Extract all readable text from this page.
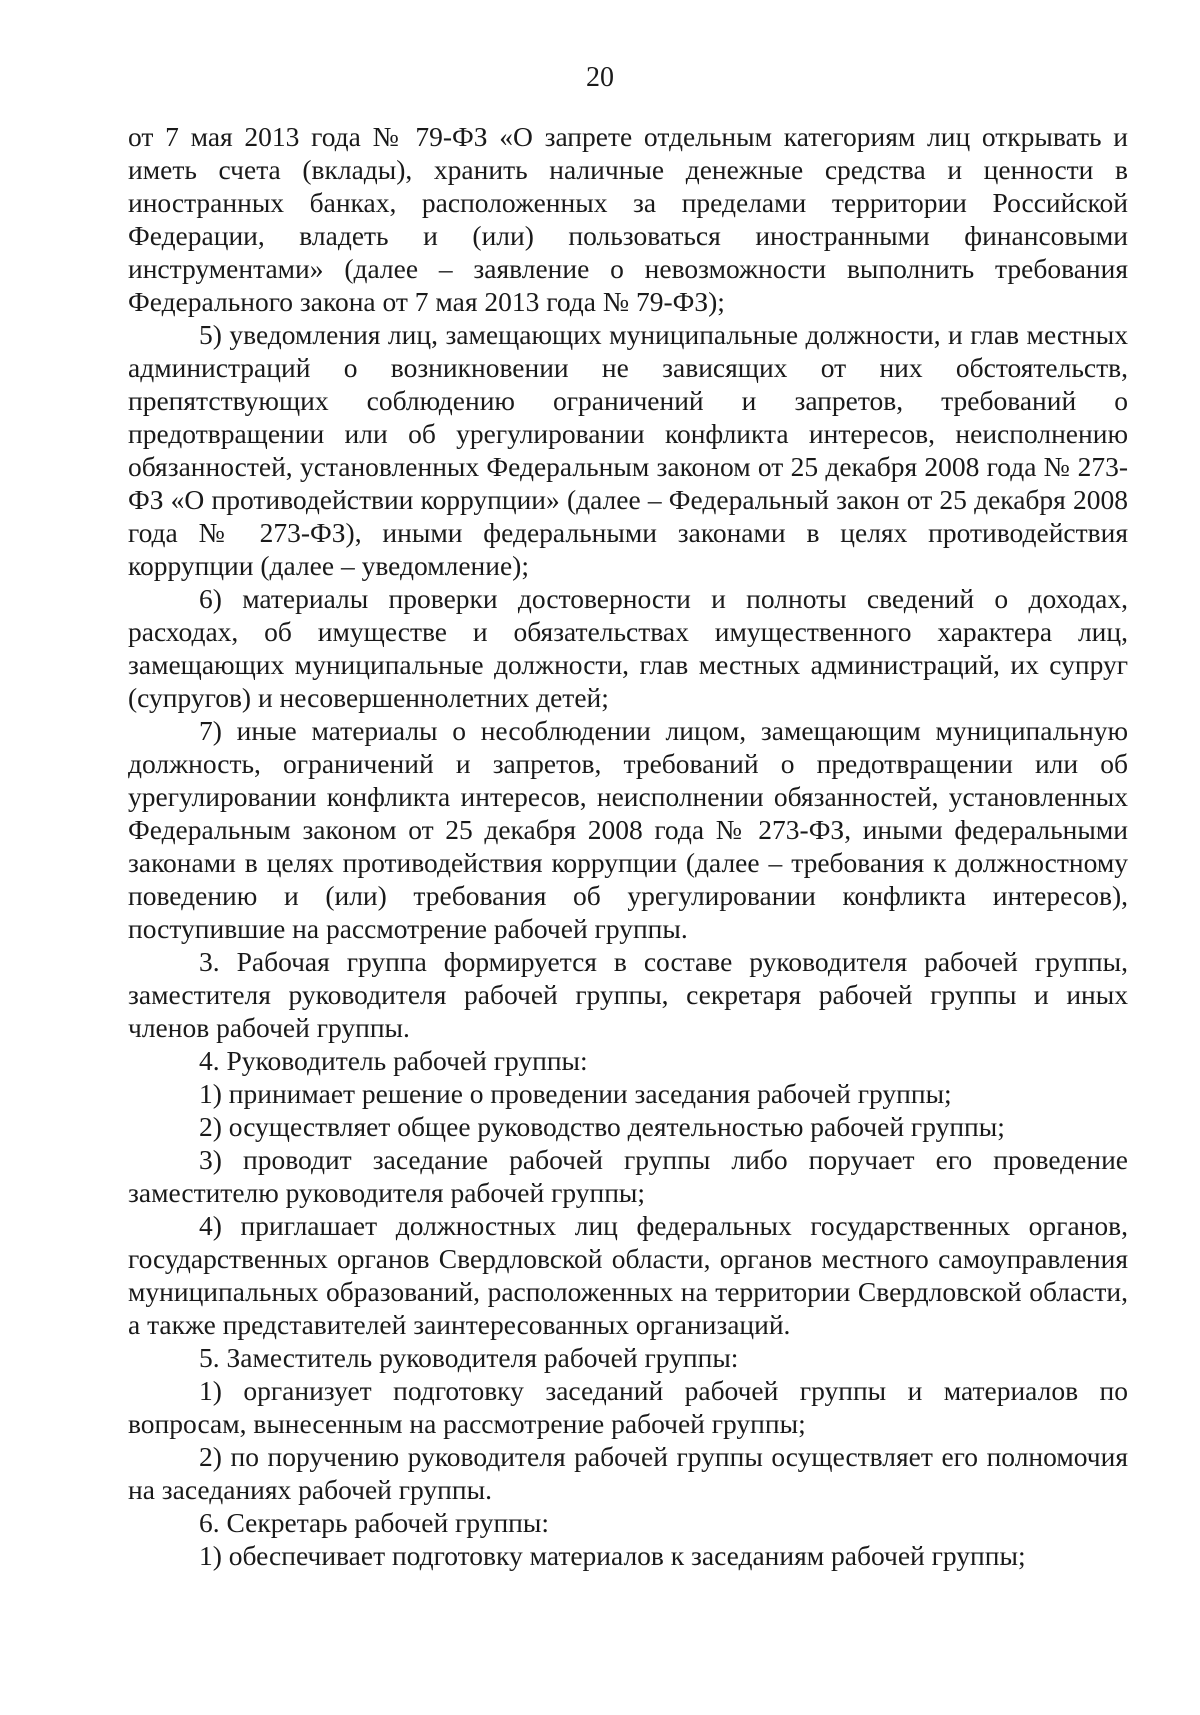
20

от 7 мая 2013 года № 79-ФЗ «О запрете отдельным категориям лиц открывать и иметь счета (вклады), хранить наличные денежные средства и ценности в иностранных банках, расположенных за пределами территории Российской Федерации, владеть и (или) пользоваться иностранными финансовыми инструментами» (далее – заявление о невозможности выполнить требования Федерального закона от 7 мая 2013 года № 79-ФЗ);

5) уведомления лиц, замещающих муниципальные должности, и глав местных администраций о возникновении не зависящих от них обстоятельств, препятствующих соблюдению ограничений и запретов, требований о предотвращении или об урегулировании конфликта интересов, неисполнению обязанностей, установленных Федеральным законом от 25 декабря 2008 года № 273-ФЗ «О противодействии коррупции» (далее – Федеральный закон от 25 декабря 2008 года № 273-ФЗ), иными федеральными законами в целях противодействия коррупции (далее – уведомление);

6) материалы проверки достоверности и полноты сведений о доходах, расходах, об имуществе и обязательствах имущественного характера лиц, замещающих муниципальные должности, глав местных администраций, их супруг (супругов) и несовершеннолетних детей;

7) иные материалы о несоблюдении лицом, замещающим муниципальную должность, ограничений и запретов, требований о предотвращении или об урегулировании конфликта интересов, неисполнении обязанностей, установленных Федеральным законом от 25 декабря 2008 года № 273-ФЗ, иными федеральными законами в целях противодействия коррупции (далее – требования к должностному поведению и (или) требования об урегулировании конфликта интересов), поступившие на рассмотрение рабочей группы.

3. Рабочая группа формируется в составе руководителя рабочей группы, заместителя руководителя рабочей группы, секретаря рабочей группы и иных членов рабочей группы.

4. Руководитель рабочей группы:

1) принимает решение о проведении заседания рабочей группы;

2) осуществляет общее руководство деятельностью рабочей группы;

3) проводит заседание рабочей группы либо поручает его проведение заместителю руководителя рабочей группы;

4) приглашает должностных лиц федеральных государственных органов, государственных органов Свердловской области, органов местного самоуправления муниципальных образований, расположенных на территории Свердловской области, а также представителей заинтересованных организаций.

5. Заместитель руководителя рабочей группы:

1) организует подготовку заседаний рабочей группы и материалов по вопросам, вынесенным на рассмотрение рабочей группы;

2) по поручению руководителя рабочей группы осуществляет его полномочия на заседаниях рабочей группы.

6. Секретарь рабочей группы:

1) обеспечивает подготовку материалов к заседаниям рабочей группы;
